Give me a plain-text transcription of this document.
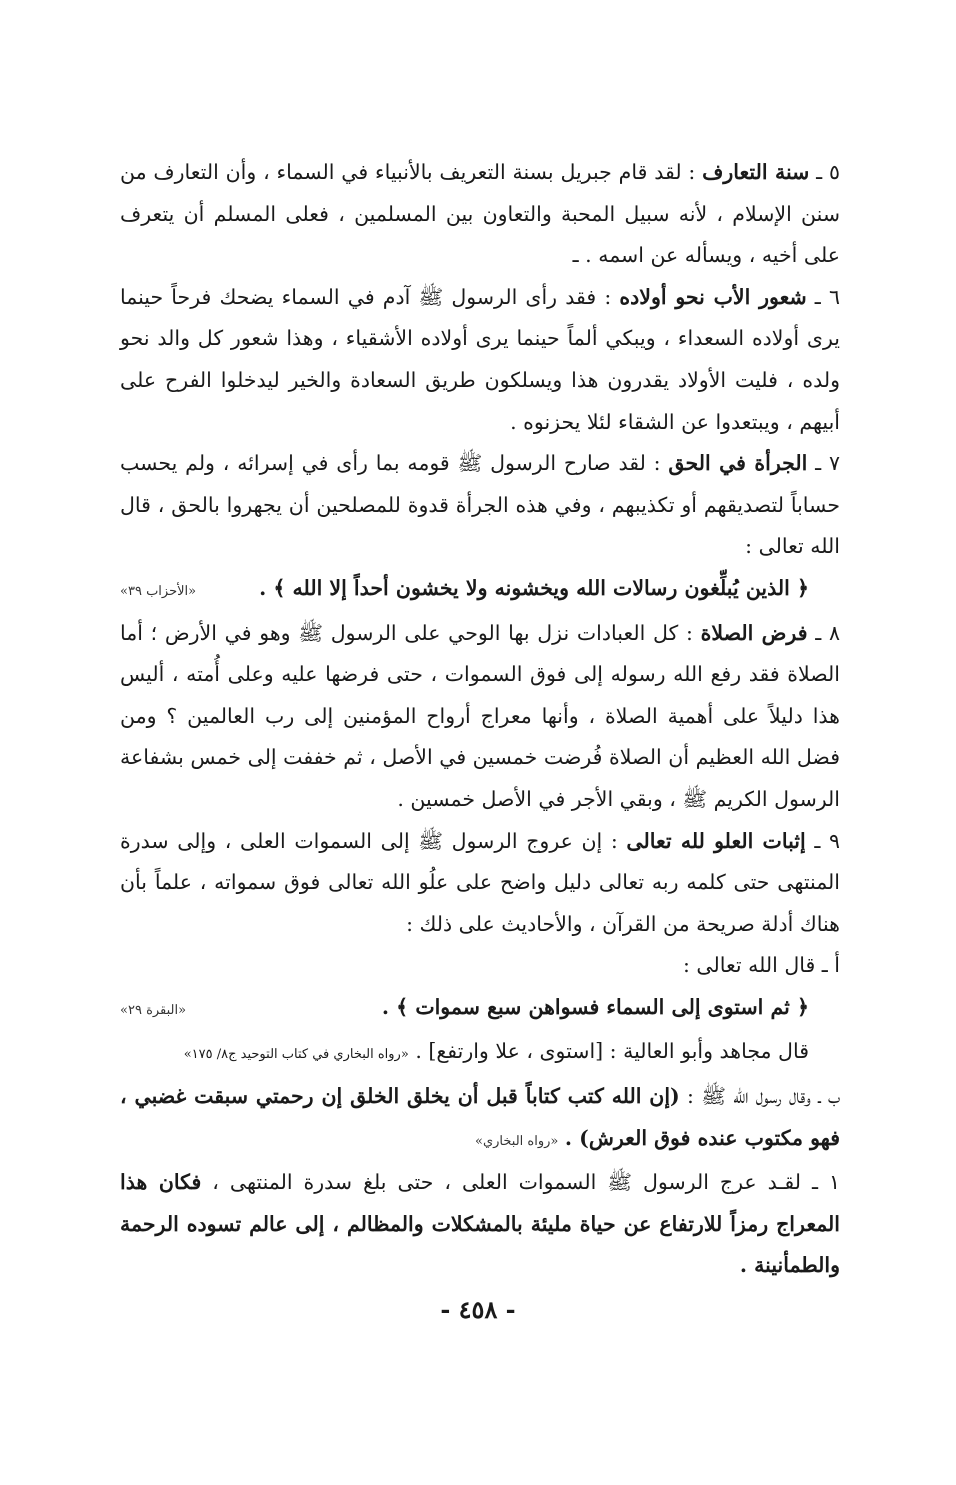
٥ ـ سنة التعارف : لقد قام جبريل بسنة التعريف بالأنبياء في السماء ، وأن التعارف من سنن الإسلام ، لأنه سبيل المحبة والتعاون بين المسلمين ، فعلى المسلم أن يتعرف على أخيه ، ويسأله عن اسمه . ـ

٦ ـ شعور الأب نحو أولاده : فقد رأى الرسول ﷺ آدم في السماء يضحك فرحاً حينما يرى أولاده السعداء ، ويبكي ألماً حينما يرى أولاده الأشقياء ، وهذا شعور كل والد نحو ولده ، فليت الأولاد يقدرون هذا ويسلكون طريق السعادة والخير ليدخلوا الفرح على أبيهم ، ويبتعدوا عن الشقاء لئلا يحزنوه .

٧ ـ الجرأة في الحق : لقد صارح الرسول ﷺ قومه بما رأى في إسرائه ، ولم يحسب حساباً لتصديقهم أو تكذيبهم ، وفي هذه الجرأة قدوة للمصلحين أن يجهروا بالحق ، قال الله تعالى :

﴿ الذين يُبلِّغون رسالات الله ويخشونه ولا يخشون أحداً إلا الله ﴾ .
«الأحزاب ٣٩»

٨ ـ فرض الصلاة : كل العبادات نزل بها الوحي على الرسول ﷺ وهو في الأرض ؛ أما الصلاة فقد رفع الله رسوله إلى فوق السموات ، حتى فرضها عليه وعلى أُمته ، أليس هذا دليلاً على أهمية الصلاة ، وأنها معراج أرواح المؤمنين إلى رب العالمين ؟ ومن فضل الله العظيم أن الصلاة فُرضت خمسين في الأصل ، ثم خففت إلى خمس بشفاعة الرسول الكريم ﷺ ، وبقي الأجر في الأصل خمسين .

٩ ـ إثبات العلو لله تعالى : إن عروج الرسول ﷺ إلى السموات العلى ، وإلى سدرة المنتهى حتى كلمه ربه تعالى دليل واضح على علُو الله تعالى فوق سمواته ، علماً بأن هناك أدلة صريحة من القرآن ، والأحاديث على ذلك :

أ ـ قال الله تعالى :

﴿ ثم استوى إلى السماء فسواهن سبع سموات ﴾ .
«البقرة ٢٩»

قال مجاهد وأبو العالية : [استوى ، علا وارتفع] . «رواه البخاري في كتاب التوحيد ج٨/ ١٧٥»

ب ـ وقال رسول الله ﷺ : (إن الله كتب كتاباً قبل أن يخلق الخلق إن رحمتي سبقت غضبي ، فهو مكتوب عنده فوق العرش) . «رواه البخاري»

١ ـ لقـد عرج الرسول ﷺ السموات العلى ، حتى بلغ سدرة المنتهى ، فكان هذا المعراج رمزاً للارتفاع عن حياة مليئة بالمشكلات والمظالم ، إلى عالم تسوده الرحمة والطمأنينة .

- ٤٥٨ -
